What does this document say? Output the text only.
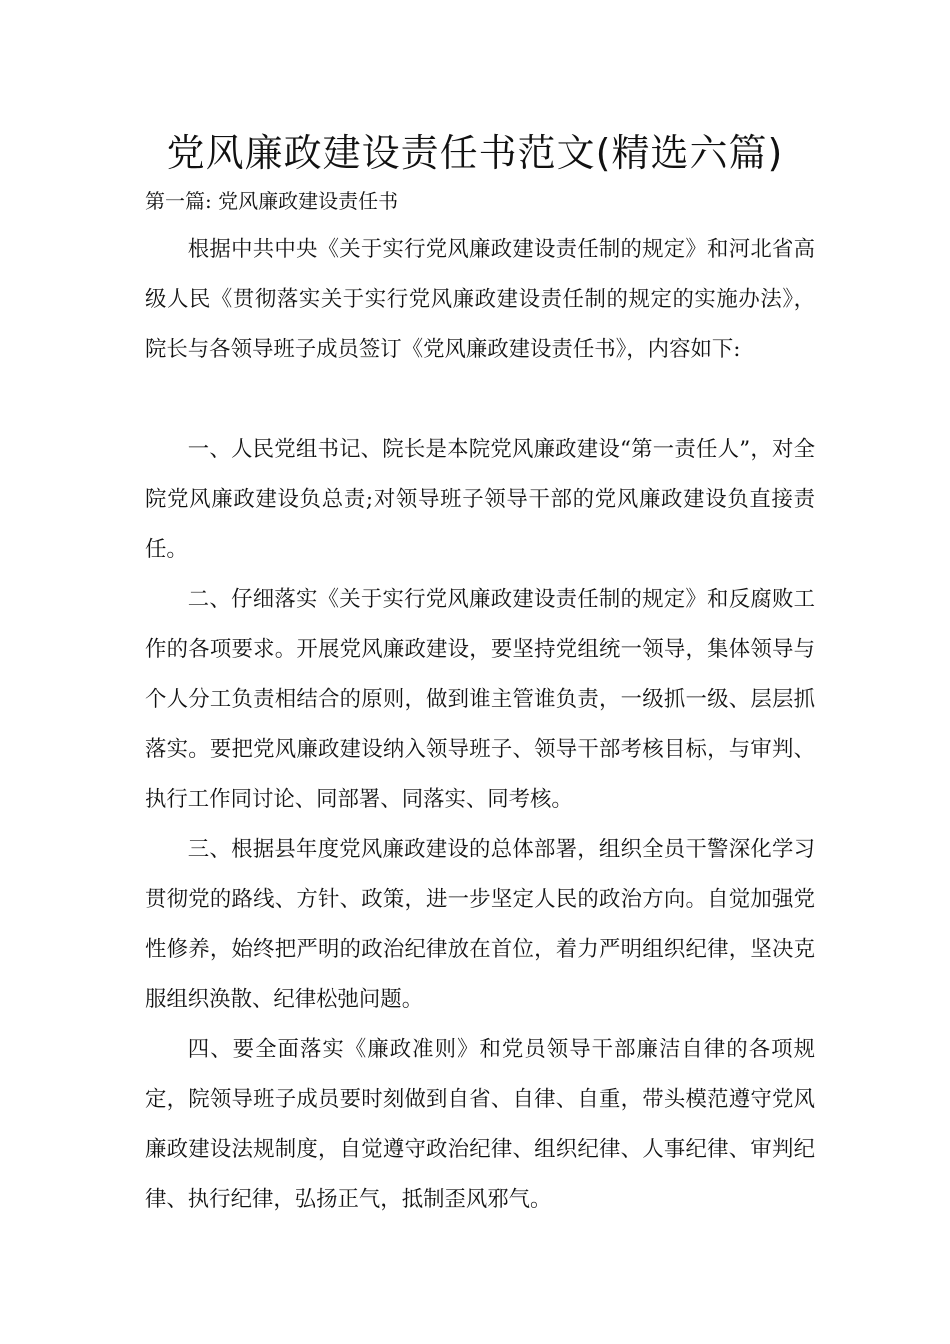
党风廉政建设责任书范文(精选六篇)
第一篇: 党风廉政建设责任书

根据中共中央《关于实行党风廉政建设责任制的规定》和河北省高级人民《贯彻落实关于实行党风廉政建设责任制的规定的实施办法》，院长与各领导班子成员签订《党风廉政建设责任书》，内容如下:

一、人民党组书记、院长是本院党风廉政建设“第一责任人”，对全院党风廉政建设负总责;对领导班子领导干部的党风廉政建设负直接责任。

二、仔细落实《关于实行党风廉政建设责任制的规定》和反腐败工作的各项要求。开展党风廉政建设，要坚持党组统一领导，集体领导与个人分工负责相结合的原则，做到谁主管谁负责，一级抓一级、层层抓落实。要把党风廉政建设纳入领导班子、领导干部考核目标，与审判、执行工作同讨论、同部署、同落实、同考核。

三、根据县年度党风廉政建设的总体部署，组织全员干警深化学习贯彻党的路线、方针、政策，进一步坚定人民的政治方向。自觉加强党性修养，始终把严明的政治纪律放在首位，着力严明组织纪律，坚决克服组织涣散、纪律松弛问题。

四、要全面落实《廉政准则》和党员领导干部廉洁自律的各项规定，院领导班子成员要时刻做到自省、自律、自重，带头模范遵守党风廉政建设法规制度，自觉遵守政治纪律、组织纪律、人事纪律、审判纪律、执行纪律，弘扬正气，抵制歪风邪气。
